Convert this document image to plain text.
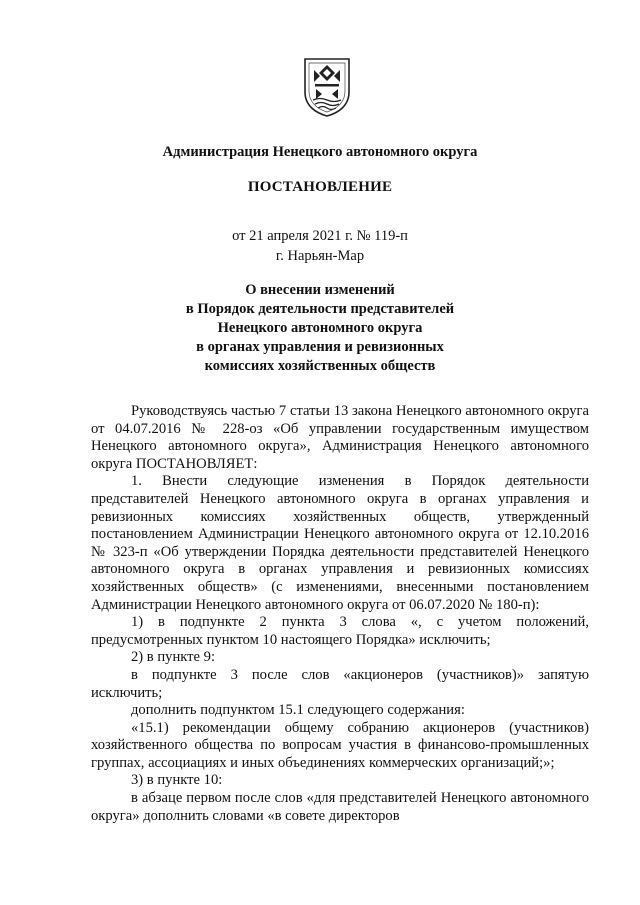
Администрация Ненецкого автономного округа
ПОСТАНОВЛЕНИЕ
от 21 апреля 2021 г. № 119-п
г. Нарьян-Мар
О внесении изменений
в Порядок деятельности представителей
Ненецкого автономного округа
в органах управления и ревизионных
комиссиях хозяйственных обществ

Руководствуясь частью 7 статьи 13 закона Ненецкого автономного округа от 04.07.2016 № 228-оз «Об управлении государственным имуществом Ненецкого автономного округа», Администрация Ненецкого автономного округа ПОСТАНОВЛЯЕТ:

1. Внести следующие изменения в Порядок деятельности представителей Ненецкого автономного округа в органах управления и ревизионных комиссиях хозяйственных обществ, утвержденный постановлением Администрации Ненецкого автономного округа от 12.10.2016 № 323-п «Об утверждении Порядка деятельности представителей Ненецкого автономного округа в органах управления и ревизионных комиссиях хозяйственных обществ» (с изменениями, внесенными постановлением Администрации Ненецкого автономного округа от 06.07.2020 № 180-п):

1) в подпункте 2 пункта 3 слова «, с учетом положений, предусмотренных пунктом 10 настоящего Порядка» исключить;

2) в пункте 9:

в подпункте 3 после слов «акционеров (участников)» запятую исключить;

дополнить подпунктом 15.1 следующего содержания:

«15.1) рекомендации общему собранию акционеров (участников) хозяйственного общества по вопросам участия в финансово-промышленных группах, ассоциациях и иных объединениях коммерческих организаций;»;

3) в пункте 10:

в абзаце первом после слов «для представителей Ненецкого автономного округа» дополнить словами «в совете директоров
